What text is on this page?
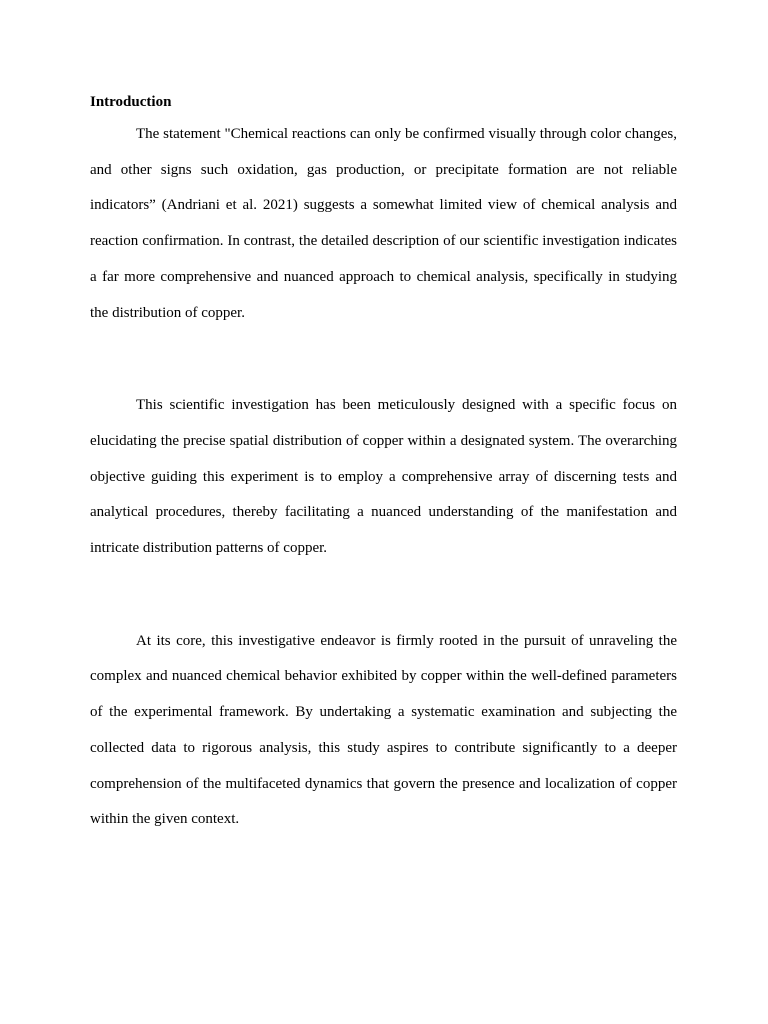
Introduction

The statement "Chemical reactions can only be confirmed visually through color changes, and other signs such oxidation, gas production, or precipitate formation are not reliable indicators” (Andriani et al. 2021) suggests a somewhat limited view of chemical analysis and reaction confirmation. In contrast, the detailed description of our scientific investigation indicates a far more comprehensive and nuanced approach to chemical analysis, specifically in studying the distribution of copper.

This scientific investigation has been meticulously designed with a specific focus on elucidating the precise spatial distribution of copper within a designated system. The overarching objective guiding this experiment is to employ a comprehensive array of discerning tests and analytical procedures, thereby facilitating a nuanced understanding of the manifestation and intricate distribution patterns of copper.

At its core, this investigative endeavor is firmly rooted in the pursuit of unraveling the complex and nuanced chemical behavior exhibited by copper within the well-defined parameters of the experimental framework. By undertaking a systematic examination and subjecting the collected data to rigorous analysis, this study aspires to contribute significantly to a deeper comprehension of the multifaceted dynamics that govern the presence and localization of copper within the given context.
